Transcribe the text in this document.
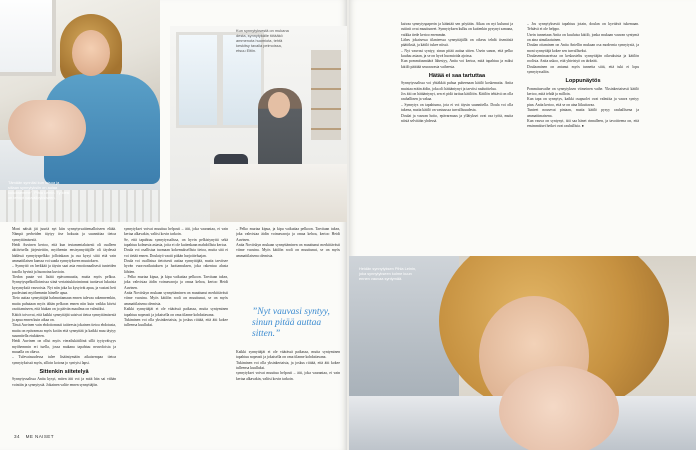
Tämään synnäsi kun luisua ja sillaan synnytyksiin on aulaa kuluiksemme", Pihla Leinin. Ty kiesi on tehnyt vauvalloyksiseen.
Kun synnytyksestä on mukana desta, synnytykälle tötääkö ammenota huomiota, tehtä keskitsy tavalla pelmoissa, etsuu Eltiin.

Moni näistä jäi juuriä nyt kiin synnytyrsaittemalloiseen eläää. Nämpä perheiden täytyy itse hoksata ja suunnittaa tietoa synnyttämisestä.

Heidi Auvinen kertoo, että kun testamentalaisesti oli osalleen aktiivisella järjestettiin, myöhemin ensisynnyttäjille oli täydessä hädässä synnytyspelkko jolloinkaan ja osa kysyi siitä että vain ammattilaisen kanssa voi saada synnytykseen muutoksen.

– Synnyttö on herkkää ja täysin saat asia emotionaalisesti tunteiden tasolla hyvinä ja huonoina kuvioin.

Tiedon puute voi lisätä epävarmuutta, mutta myös pelkoa. Synnytyspelkoilloimissa siinä vertaistukitoiminnat tuottavat lukuisia kysymyksiä vauvoista. Nyt niin joka ka kysyivät apua, ja vastasi heti puolestani myöhemmin hänelle apua.

Tieto auttaa synnyttäjää hahmottamaan ennen tulevaa rakenneenkin, mutta puhutaan myös tähän pelkoon ennen niin kuin vaikka kävisi osoittamiseen, että hiukan on jo päivän maailma on valmiiksi.

Kätiöt toivovat, että kaikki synnyttäjät saisivat tietoa synnyttämisestä ja apua ennen kuin aikaa on.

Tässä Auvinen vain ehdottomasti taitteesta jokainen tietoa ehdotusta, mutta on epävarmaa myös kotiin että synnyttää ja kaikki muu täytyy suunnitella etukäteen.

Heidi Auvinen on ollut myös vierailukätilönä sillä tyytyväisyys myöhemmin eri tuella, jossa mukana tapahtuu neuvoloista ja muualla on oltava.

– Tulevaisuudessa tulee lisääntymään aikaisempaa tietoa synnytyksissä myös, silloin kotona jo syntyisi lapsi.

Sittenkin siitetelyä

Synnytyssalissa Anita kysyi, miten äiti voi ja mitä hän sai vähän vointiin ja synnytystä. Jokainen valite ennen synnyttäjiin.

synnytykset voivat muuttua helposti – äiti, joka vaarantaa, ei vain kertaa alkavakin, valitsi kovin tarkoin.

Se, että tapahtuu synnytyssalissa, on hyvin pelkistynyttä sekä tapahtuu kolmesta asiasta, joita ei ole kuitenkaan mahdollista kertoa.

Doula voi osallistua tuomaan kokemuksellista tietoa, mutta sitä ei voi tietää ennen. Doulatyö vaatii pitkän harjoitteluajan.

Doula voi osallistua tietoisesti auttaa synnyttäjää, mutta tarvitsee hyvän vuorovaikutuksen ja luottamuksen, joka rakentuu alusta lähtien.

– Pelko murtaa kipua, ja kipu vaikuttaa pelkoon. Tarvitaan tukea, joka vahvistaa äidin voimavaroja ja omaa kehoa, kertoo Heidi Auvinen.

Anita Novitskyn mukaan synnyttäminen on muuttunut merkittävästi viime vuosina. Myös kätilön rooli on muuttunut, se on myös ammattilaisena olemista.

Kaikki synnyttäjät ei ole väärässä paikassa, mutta syntyminen tapahtuu nopeasti ja jokaisella on oma tilanne kohdattavana.

Tukiminen voi olla yksinkertaista, ja joskus riittää, että äiti kokee tulleensa kuulluksi.

– Pelko murtaa kipua, ja kipu vaikuttaa pelkoon. Tarvitaan tukea, joka vahvistaa äidin voimavaroja ja omaa kehoa, kertoo Heidi Auvinen.

Anita Novitskyn mukaan synnyttäminen on muuttunut merkittävästi viime vuosina. Myös kätilön rooli on muuttunut, se on myös ammattilaisena olemista.

”Nyt vauvasi syntyy, sinun pitää auttaa sitten.”

Kaikki synnyttäjät ei ole väärässä paikassa, mutta syntyminen tapahtuu nopeasti ja jokaisella on oma tilanne kohdattavana.

Tukiminen voi olla yksinkertaista, ja joskus riittää, että äiti kokee tulleensa kuulluksi.

synnytykset voivat muuttua helposti – äiti, joka vaarantaa, ei vain kertaa alkavakin, valitsi kovin tarkoin.

34 ME NAISET

kaivaa synnytyspaperin ja kääntää sen pöytään. Aikaa on nyt kulunut ja rutiinit ovat muuttuneet. Synnytyksen kulku on kuitenkin pysynyt samana, vaikka tiede kertoo enemmän.

Lähes jokaisessa tilanteessa synnyttäjällä on oikeus tehdä itsenäisiä päätöksiä, ja kätilö tukee niissä.

– Nyt vauvasi syntyy, sinun pitää auttaa sitten. Usein sanon, että pelko kuuluu asiaan, ja se on hyvä huomioida ajoissa.

Kun pommitusmäärä lähestyy, Anita voi kertoa, mitä tapahtuu ja miksi kätilö päättää seuraavasta vaiheesta.

Hätää ei saa tartuttaa

Synnytyssalissa voi yhtäkkiä puhua puheenaan kätilö koskematta. Anita muistaa erään äidin, joka oli hätääntynyt ja tarvitsi rauhoittelua.

Jos äiti on hätääntynyt, sen ei pidä tarttua kätilöön. Kätilön tehtävä on olla rauhallinen ja vakaa.

– Synnytys on tapahtuma, jota ei voi täysin suunnitella. Doula voi olla tukena, mutta kätilö on vastuussa turvallisuudesta.

Doulat ja vauvan hoito, epävarmuus ja yllätykset ovat osa työtä, mutta niistä selvitään yhdessä.

– Jos synnytyksestä tapahtuu jotain, doulan on kyettävä tukemaan. Tehtävä ei ole helppo.

Usein tunnetaan Anita on kuuluisa kätilö, jonka mukaan vauvan syntymä on aina ainutlaatuinen.

Doulan ottaminen on Anita Antellin mukaan osa modernia synnytystä, ja moni synnyttäjä kokee sen turvalliseksi.

Doulaseminaareissa on keskusteltu synnyttäjän oikeuksista ja kätilön roolista. Anita uskoo, että yhteistyö on tärkeää.

Doulaaminen on antanut myös tunnetta siitä, että tuki ei lopu synnytyssaliin.

Loppunäytös

Pommitusvaihe on synnytyksen viimeinen vaihe. Yksinkertaisesti kätilö kertoo, mitä tehdä ja milloin.

Kun tapa on synnytys, kaikki osapuolet ovat valmiita ja vauva syntyy pian. Anita kertoo, että se on aina liikuttavaa.

Tunteet nousevat pintaan, mutta kätilö pysyy rauhallisena ja ammattimaisena.

Kun vauva on syntynyt, äiti saa hänet rinnalleen, ja tavoitteena on, että ensimmäiset hetket ovat rauhallisia. ●

Heidän synnytyksen Pihla Leinin, joka synnytykseen kolme kuun ennen vauvaa syntymää.
